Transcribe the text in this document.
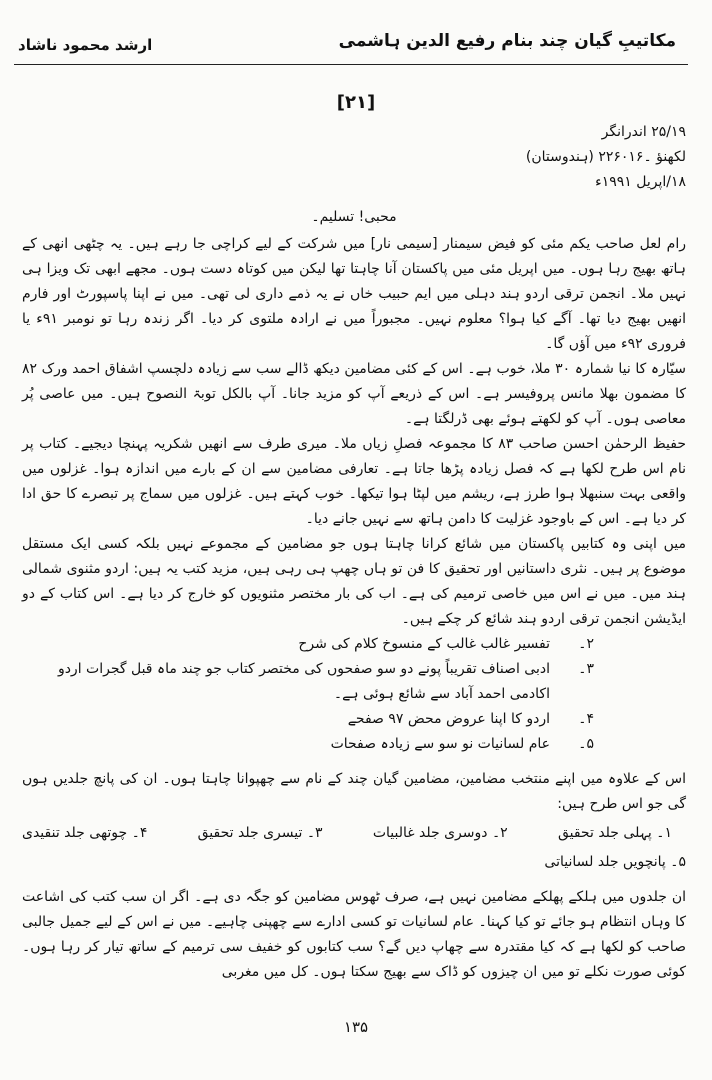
مکاتیبِ گیان چند بنام رفیع الدین ہاشمی
ارشد محمود ناشاد
[۲۱]

۲۵/۱۹ اندرانگر

لکھنؤ ۔۲۲۶۰۱۶ (ہندوستان)

۱۸/اپریل ۱۹۹۱ء

محبی! تسلیم۔

رام لعل صاحب یکم مئی کو فیض سیمنار [سیمی نار] میں شرکت کے لیے کراچی جا رہے ہیں۔ یہ چٹھی انھی کے ہاتھ بھیج رہا ہوں۔ میں اپریل مئی میں پاکستان آنا چاہتا تھا لیکن میں کوتاہ دست ہوں۔ مجھے ابھی تک ویزا ہی نہیں ملا۔ انجمن ترقی اردو ہند دہلی میں ایم حبیب خاں نے یہ ذمے داری لی تھی۔ میں نے اپنا پاسپورٹ اور فارم انھیں بھیج دیا تھا۔ آگے کیا ہوا؟ معلوم نہیں۔ مجبوراً میں نے ارادہ ملتوی کر دیا۔ اگر زندہ رہا تو نومبر ۹۱ء یا فروری ۹۲ء میں آؤں گا۔

سیّارہ کا نیا شمارہ ۳۰ ملا، خوب ہے۔ اس کے کئی مضامین دیکھ ڈالے سب سے زیادہ دلچسپ اشفاق احمد ورک ۸۲ کا مضمون بھلا مانس پروفیسر ہے۔ اس کے ذریعے آپ کو مزید جانا۔ آپ بالکل توبۃ النصوح ہیں۔ میں عاصی پُر معاصی ہوں۔ آپ کو لکھتے ہوئے بھی ڈرلگتا ہے۔

حفیظ الرحمٰن احسن صاحب ۸۳ کا مجموعہ فصلِ زیاں ملا۔ میری طرف سے انھیں شکریہ پہنچا دیجیے۔ کتاب پر نام اس طرح لکھا ہے کہ فصل زیادہ پڑھا جاتا ہے۔ تعارفی مضامین سے ان کے بارے میں اندازہ ہوا۔ غزلوں میں واقعی بہت سنبھلا ہوا طرز ہے، ریشم میں لپٹا ہوا تیکھا۔ خوب کہتے ہیں۔ غزلوں میں سماج پر تبصرے کا حق ادا کر دیا ہے۔ اس کے باوجود غزلیت کا دامن ہاتھ سے نہیں جانے دیا۔

میں اپنی وہ کتابیں پاکستان میں شائع کرانا چاہتا ہوں جو مضامین کے مجموعے نہیں بلکہ کسی ایک مستقل موضوع پر ہیں۔ نثری داستانیں اور تحقیق کا فن تو ہاں چھپ ہی رہی ہیں، مزید کتب یہ ہیں: اردو مثنوی شمالی ہند میں۔ میں نے اس میں خاصی ترمیم کی ہے۔ اب کی بار مختصر مثنویوں کو خارج کر دیا ہے۔ اس کتاب کے دو ایڈیشن انجمن ترقی اردو ہند شائع کر چکے ہیں۔

۲۔
تفسیر غالب غالب کے منسوخ کلام کی شرح
۳۔
ادبی اصناف تقریباً پونے دو سو صفحوں کی مختصر کتاب جو چند ماہ قبل گجرات اردو اکادمی احمد آباد سے شائع ہوئی ہے۔
۴۔
اردو کا اپنا عروض محض ۹۷ صفحے
۵۔
عام لسانیات نو سو سے زیادہ صفحات

اس کے علاوہ میں اپنے منتخب مضامین، مضامین گیان چند کے نام سے چھپوانا چاہتا ہوں۔ ان کی پانچ جلدیں ہوں گی جو اس طرح ہیں:

۱۔ پہلی جلد تحقیق
۲۔ دوسری جلد غالبیات
۳۔ تیسری جلد تحقیق
۴۔ چوتھی جلد تنقیدی

۵۔ پانچویں جلد لسانیاتی

ان جلدوں میں ہلکے پھلکے مضامین نہیں ہے، صرف ٹھوس مضامین کو جگہ دی ہے۔ اگر ان سب کتب کی اشاعت کا وہاں انتظام ہو جائے تو کیا کہنا۔ عام لسانیات تو کسی ادارے سے چھپنی چاہیے۔ میں نے اس کے لیے جمیل جالبی صاحب کو لکھا ہے کہ کیا مقتدرہ سے چھاپ دیں گے؟ سب کتابوں کو خفیف سی ترمیم کے ساتھ تیار کر رہا ہوں۔ کوئی صورت نکلے تو میں ان چیزوں کو ڈاک سے بھیج سکتا ہوں۔ کل میں مغربی

۱۳۵
